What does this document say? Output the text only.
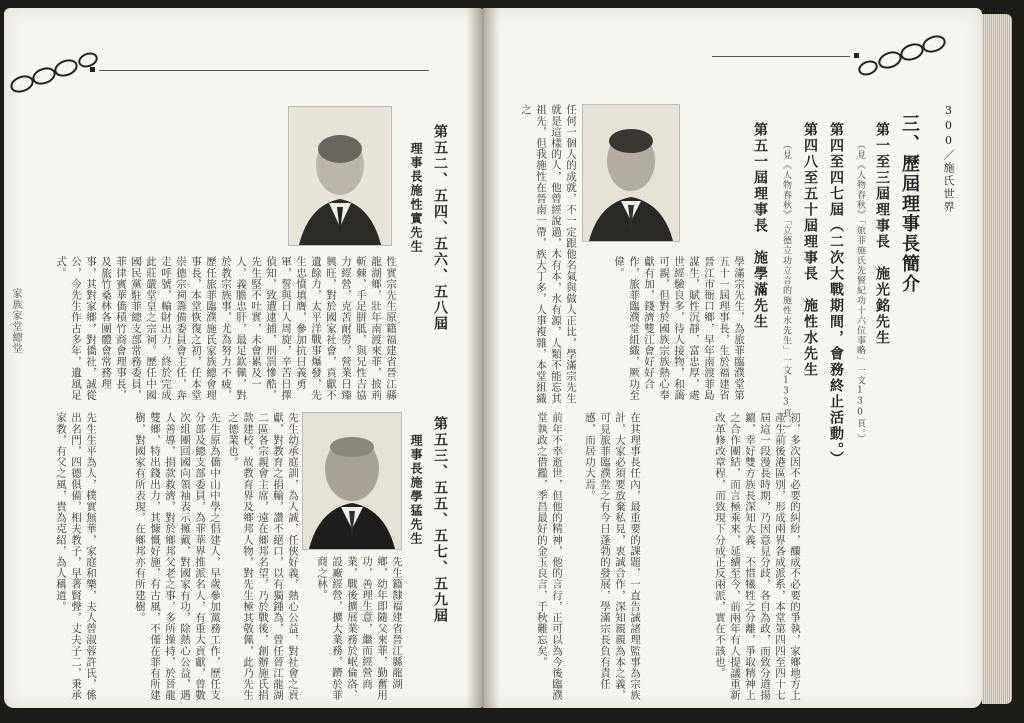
第五二、五四、五六、五八屆
理事長施性實先生
性實宗先生原籍福建省晉江縣龍湖鄉，壯年南渡來菲，披荊斬棘，手足胼胝，與兄性吉協力經營，克苦耐勞，營業日臻興旺，對於國家社會，貢獻不遺餘力，太平洋戰事爆發，先生忠憤填膺，參加抗日義勇軍，誓與日人周旋，辛苦日擇偵知，致遭逮捕，刑罰慘酷，先生堅不吐實，未會累及一人，義膽忠肝，最足欽佩，對於教宗族事，尤為努力不疲，歷任旅菲臨濮施氏家族總會理事長，本堂恢復之初，任本堂崇德宗祠籌備委員會主任，奔走呼號，輸財出力，終於完成此莊嚴堂皇之宗祠。歷任中國國民黨駐菲總支部常務委員，菲律賓華僑積竹商會理事長，及旅竹桑林各團體會常務理事，其對家鄉，對僑社，誠從公，今先生作古多年，遺風足式。
第五三、五五、五七、五九屆
理事長施學猛先生
先生籍隸福建省晉江縣龍湖鄉，幼年即隨父來菲，勤奮用功，善理生意，繼而經營商業，戰後擴展業務於岷倫洛、設廠經營，擴大業務，躋於菲商之林。
先生幼承庭訓，為人誠，任俠好義，熱心公益，對社會之貢獻，對教育之捐輸，讚不絕口，以有獨鍾為，曾任晉江龍湖二區各宗親會主席，遠在鄉邦名望，乃於戰後，創辦施氏捐款建校，故教育界及鄉邦人物，對先生極其敬佩，此乃先生之德業也。
先生原為僑中山中學之倡建人，早歲參加黨務工作，歷任支分部及總支部委員，為菲華界推派名人，有重大貢獻，曾數次組團回國向領袖表示擁戴，對國家有功，除熱心公益，遇人善導，捐款救濟，對於鄉邦父老之事，多所操持，於晉龍雙鄉，特出錢出力，其慷慨好施，有古風，不僅在菲有所建樹，對國家有所表現，在鄉邦亦有所建樹。
先生生平為人，樸實無華，家庭和樂，夫人曾淑蓉許氏，係出名門，四德俱備，相夫教子，早著賢聲，丈夫子二，秉承家教，有父之風，貴為克紹，為人稱道。
家族家堂總堂
300／施氏世界
三、歷屆理事長簡介
第一至三屆理事長　施光銘先生
（見《人物春秋》「旅菲施氏先賢紀功十六位事略」一文130頁。）
第四至四七屆（二次大戰期間，會務終止活動。）
第四八至五十屆理事長　施性水先生
（見《人物春秋》「立德立功立言的施性水先生」一文133頁。）
第五一屆理事長　施學滿先生
學滿宗先生，為旅菲臨濮堂第五十一屆理事長，生於福建省晉江市衙口鄉，早年南渡菲島謀生，賦性沉靜，富忠厚，處世經驗良多，待人接物，和藹可親，但對於國族宗族熱心奉獻有加，錢濟雙江會好好合作，旅菲臨濮堂組織，厥功至偉。
任何一個人的成就，不一定跟他名氣與做人正比，學滿宗先生就是這樣的人，他曾經說過，木有本，水有源，人類不能忘其祖先，但我施性在晉南一帶，族大丁多，人事複雜，本堂組織之
初，多次因不必要的糾紛，釀成不必要的爭執，家鄉地方上產生前後港區別，形成兩界各成派系，本堂第四四至四十七屆這一段漫長時期，乃因意見分歧，各自為政，而致分道揚鑣，幸好雙方族長深知大義，不惜犧牲之分離，爭取精神上之合作團結，而言極乘來，延續至今，前兩年有人提議重新改革修改章程，而致現下分成正反兩派，實在不該也。
在其理事長任內，最重要的課題，一直告誡諸理監事為宗族計，大家必須要放棄私見，衷誠合作，深知親親為本之義，可見旅菲臨濮堂之有今日蓬勃的發展，學滿宗長負有責任感，而居功大焉。
前年不幸逝世，但他的精神，他的言行，正可以為今後臨濮堂執政之借鑑，季昌最好的金玉良言，千秋難忘矣。
